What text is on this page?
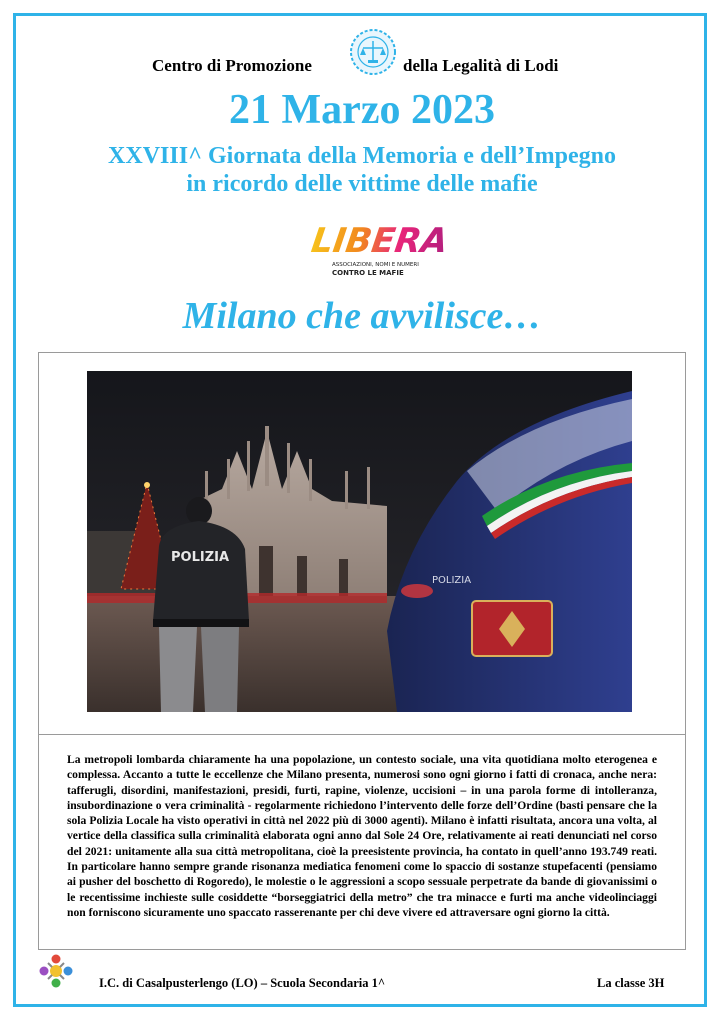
Centro di Promozione	della Legalità di Lodi
21 Marzo 2023
XXVIII^ Giornata della Memoria e dell’Impegno
in ricordo delle vittime delle mafie
LIBERA
ASSOCIAZIONI, NOMI E NUMERI
CONTRO LE MAFIE
Milano che avvilisce…
POLIZIA
POLIZIA
La metropoli lombarda chiaramente ha una popolazione, un contesto sociale, una vita quotidiana molto eterogenea e complessa. Accanto a tutte le eccellenze che Milano presenta, numerosi sono ogni giorno i fatti di cronaca, anche nera: tafferugli, disordini, manifestazioni, presidi, furti, rapine, violenze, uccisioni – in una parola forme di intolleranza, insubordinazione o vera criminalità - regolarmente richiedono l’intervento delle forze dell’Ordine (basti pensare che la sola Polizia Locale ha visto operativi in città nel 2022 più di 3000 agenti). Milano è infatti risultata, ancora una volta, al vertice della classifica sulla criminalità elaborata ogni anno dal Sole 24 Ore, relativamente ai reati denunciati nel corso del 2021: unitamente alla sua città metropolitana, cioè la preesistente provincia, ha contato in quell’anno 193.749 reati. In particolare hanno sempre grande risonanza mediatica fenomeni come lo spaccio di sostanze stupefacenti (pensiamo ai pusher del boschetto di Rogoredo), le molestie o le aggressioni a scopo sessuale perpetrate da bande di giovanissimi o le recentissime inchieste sulle cosiddette “borseggiatrici della metro” che tra minacce e furti ma anche videolinciaggi non forniscono sicuramente uno spaccato rasserenante per chi deve vivere ed attraversare ogni giorno la città.
I.C. di Casalpusterlengo (LO) – Scuola Secondaria 1^	La classe 3H
